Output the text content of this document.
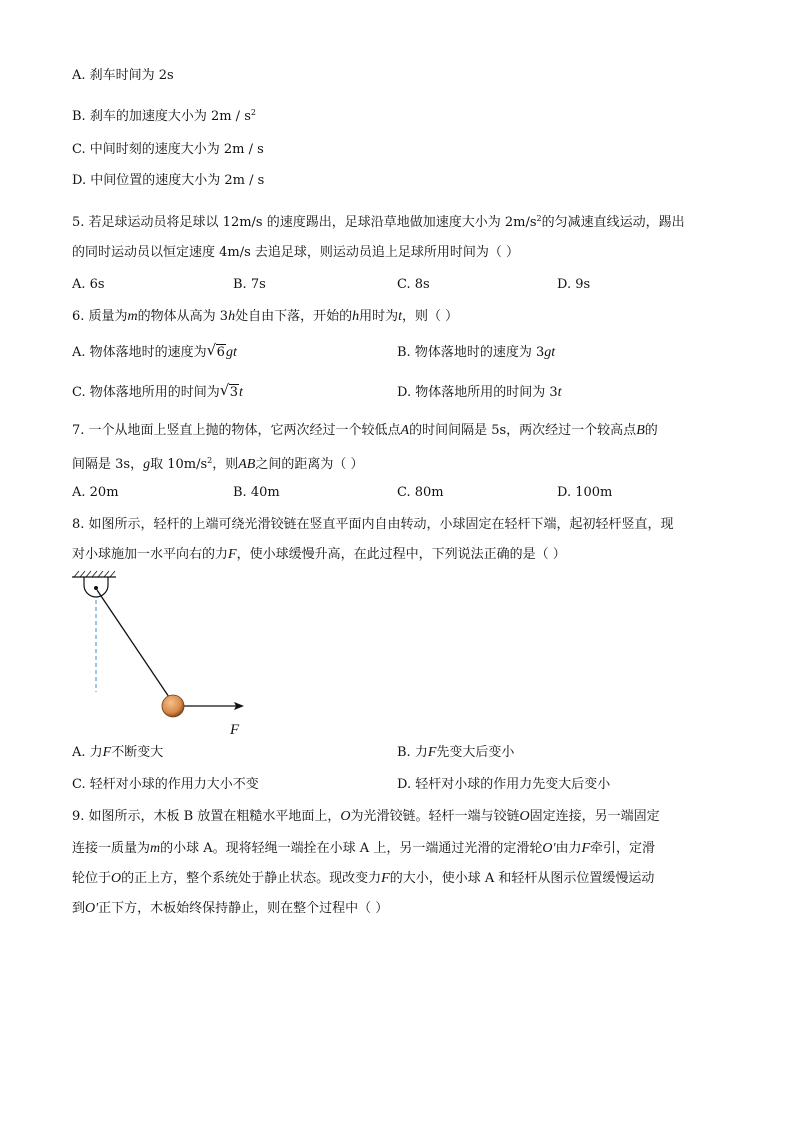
A. 刹车时间为 2s
B. 刹车的加速度大小为 $2m / s^2$
C. 中间时刻的速度大小为 2m / s
D. 中间位置的速度大小为 2m / s
5. 若足球运动员将足球以 12m/s 的速度踢出，足球沿草地做加速度大小为 $2m/s^2$的匀减速直线运动，踢出
的同时运动员以恒定速度 4m/s 去追足球，则运动员追上足球所用时间为（ ）
A. 6s	B. 7s	C. 8s	D. 9s
6. 质量为m的物体从高为 3h处自由下落，开始的h用时为t，则（ ）
A. 物体落地时的速度为 √ 6gt	B. 物体落地时的速度为 3gt
C. 物体落地所用的时间为 √ 3t	D. 物体落地所用的时间为 3t
7. 一个从地面上竖直上抛的物体，它两次经过一个较低点A的时间间隔是 5s，两次经过一个较高点B的
间隔是 3s，g取 $10m/s^2$，则AB之间的距离为（ ）
A. 20m	B. 40m	C. 80m	D. 100m
8. 如图所示，轻杆的上端可绕光滑铰链在竖直平面内自由转动，小球固定在轻杆下端，起初轻杆竖直，现
对小球施加一水平向右的力F，使小球缓慢升高，在此过程中，下列说法正确的是（ ）
F
A. 力F不断变大	B. 力F先变大后变小
C. 轻杆对小球的作用力大小不变	D. 轻杆对小球的作用力先变大后变小
9. 如图所示，木板 B 放置在粗糙水平地面上，O为光滑铰链。轻杆一端与铰链O固定连接，另一端固定
连接一质量为m的小球 A。现将轻绳一端拴在小球 A 上，另一端通过光滑的定滑轮O'由力F牵引，定滑
轮位于O的正上方，整个系统处于静止状态。现改变力F的大小，使小球 A 和轻杆从图示位置缓慢运动
到O'正下方，木板始终保持静止，则在整个过程中（ ）
